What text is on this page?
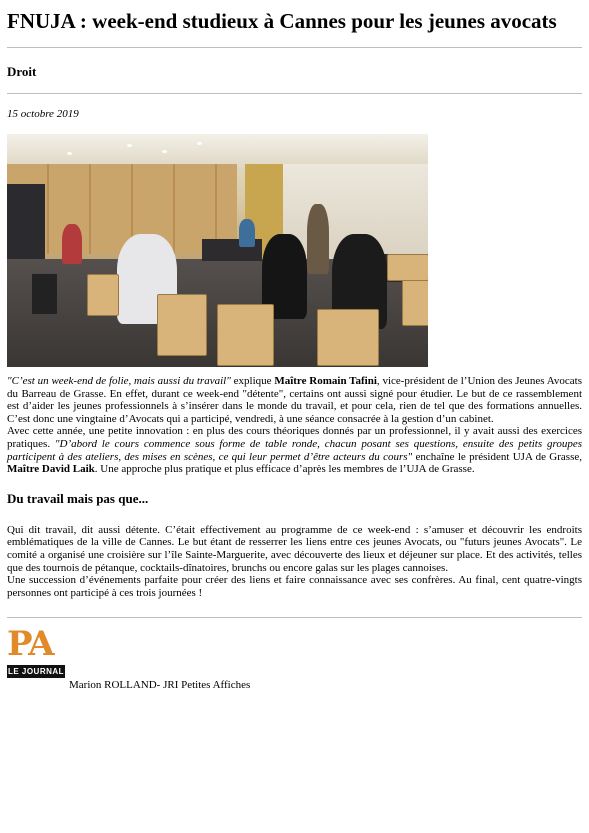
FNUJA : week-end studieux à Cannes pour les jeunes avocats
Droit
15 octobre 2019

"C’est un week-end de folie, mais aussi du travail" explique Maître Romain Tafini, vice-président de l’Union des Jeunes Avocats du Barreau de Grasse. En effet, durant ce week-end "détente", certains ont aussi signé pour étudier. Le but de ce rassemblement est d’aider les jeunes professionnels à s’insérer dans le monde du travail, et pour cela, rien de tel que des formations annuelles. C’est donc une vingtaine d’Avocats qui a participé, vendredi, à une séance consacrée à la gestion d’un cabinet.

Avec cette année, une petite innovation : en plus des cours théoriques donnés par un professionnel, il y avait aussi des exercices pratiques. "D’abord le cours commence sous forme de table ronde, chacun posant ses questions, ensuite des petits groupes participent à des ateliers, des mises en scènes, ce qui leur permet d’être acteurs du cours" enchaîne le président UJA de Grasse, Maître David Laik. Une approche plus pratique et plus efficace d’après les membres de l’UJA de Grasse.

Du travail mais pas que...

Qui dit travail, dit aussi détente. C’était effectivement au programme de ce week-end : s’amuser et découvrir les endroits emblématiques de la ville de Cannes. Le but étant de resserrer les liens entre ces jeunes Avocats, ou "futurs jeunes Avocats". Le comité a organisé une croisière sur l’île Sainte-Marguerite, avec découverte des lieux et déjeuner sur place. Et des activités, telles que des tournois de pétanque, cocktails-dînatoires, brunchs ou encore galas sur les plages cannoises.

Une succession d’événements parfaite pour créer des liens et faire connaissance avec ses confrères. Au final, cent quatre-vingts personnes ont participé à ces trois journées !

PA
LE JOURNAL
Marion ROLLAND- JRI Petites Affiches
